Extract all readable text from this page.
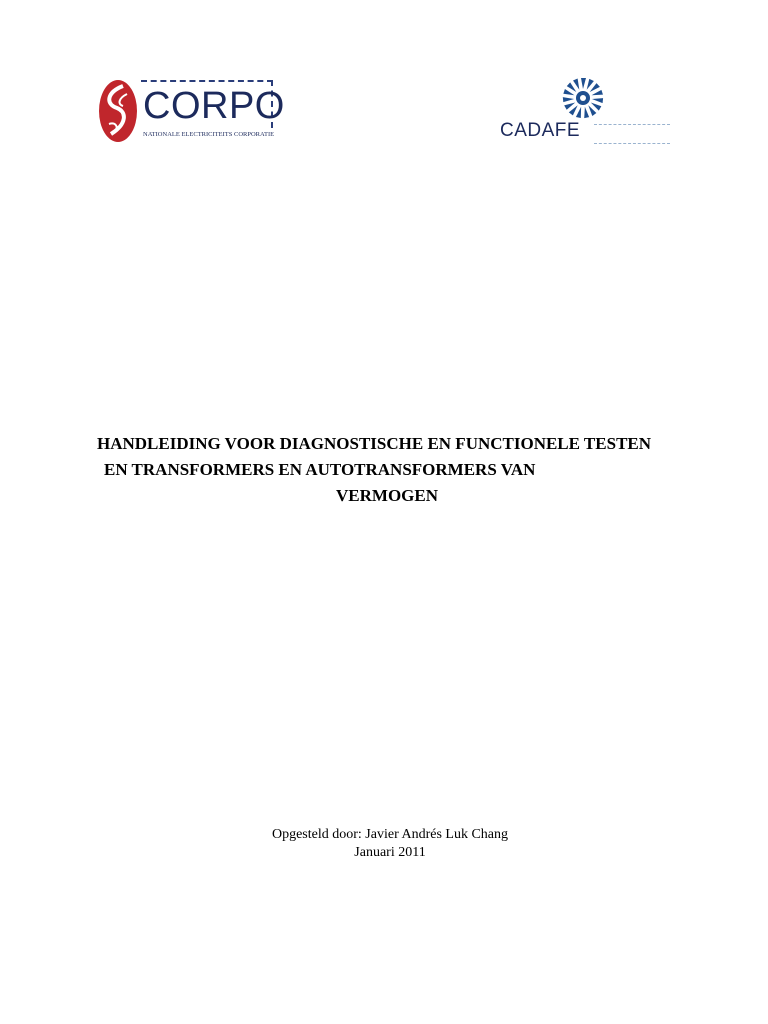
CORPO
NATIONALE ELECTRICITEITS CORPORATIE	CADAFE
HANDLEIDING VOOR DIAGNOSTISCHE EN FUNCTIONELE TESTEN
EN TRANSFORMERS EN AUTOTRANSFORMERS VAN
VERMOGEN
Opgesteld door: Javier Andrés Luk Chang
Januari 2011
